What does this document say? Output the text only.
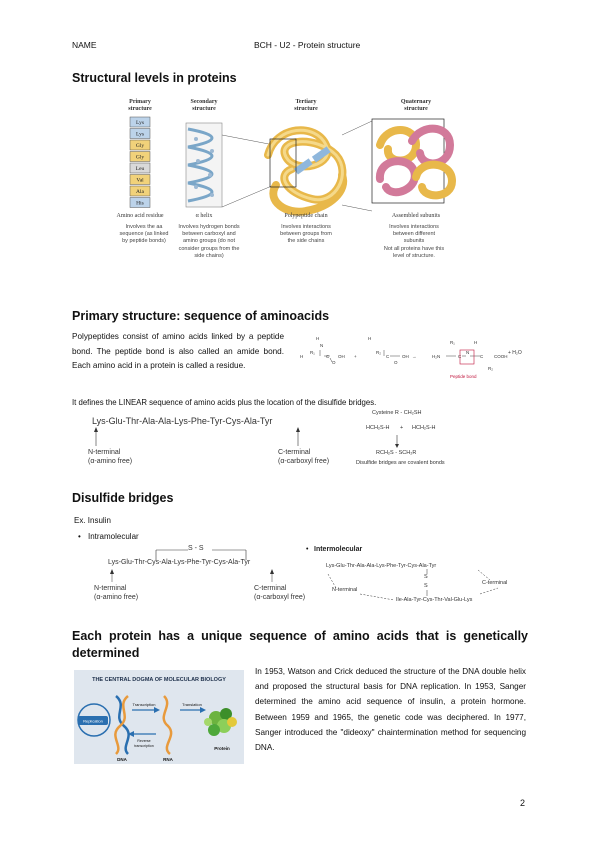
NAME	BCH - U2 - Protein structure
Structural levels in proteins
Primary
structure
Secondary
structure
Tertiary
structure
Quaternary
structure
Lys
Lys
Gly
Gly
Leu
Val
Ala
His
Amino acid residue	α helix	Polypeptide chain	Assembled subunits
Involves the aa sequence (as linked by peptide bonds)
Involves hydrogen bonds between carboxyl and amino groups (do not consider groups from the side chains)
Involves interactions between groups from the side chains
Involves interactions between different subunits
Not all proteins have this level of structure.
Primary structure: sequence of aminoacids
Polypeptides consist of amino acids linked by a peptide bond. The peptide bond is also called an amide bond. Each amino acid in a protein is called a residue.
H
N
R₁
H	C
O
OH +
H
R₂
C
O
OH →	H₂N
R₁
C
N
H
C
R₂
COOH
+ H₂O
Peptide bond
It defines the LINEAR sequence of amino acids plus the location of the disulfide bridges.
Lys-Glu-Thr-Ala-Ala-Lys-Phe-Tyr-Cys-Ala-Tyr
N-terminal
(α-amino free)
C-terminal
(α-carboxyl free)
Cysteine R - CH₂SH
HCH₂S-H + HCH₂S-H
RCH₂S - SCH₂R
Disulfide bridges are covalent bonds
Disulfide bridges
Ex. Insulin
• Intramolecular
S - S
Lys-Glu-Thr-Cys-Ala-Lys-Phe-Tyr-Cys-Ala-Tyr
N-terminal
(α-amino free)
C-terminal
(α-carboxyl free)
• Intermolecular
Lys-Glu-Thr-Ala-Ala-Lys-Phe-Tyr-Cys-Ala-Tyr
S
S
Ile-Ala-Tyr-Cys-Thr-Val-Glu-Lys
N-terminal
C-terminal
Each protein has a unique sequence of amino acids that is genetically determined
THE CENTRAL DOGMA OF MOLECULAR BIOLOGY
Replication
DNA	RNA
Transcription
Reverse
transcription
Translation
Protein
In 1953, Watson and Crick deduced the structure of the DNA double helix and proposed the structural basis for DNA replication. In 1953, Sanger determined the amino acid sequence of insulin, a protein hormone. Between 1959 and 1965, the genetic code was deciphered. In 1977, Sanger introduced the "dideoxy" chaintermination method for sequencing DNA.
2
